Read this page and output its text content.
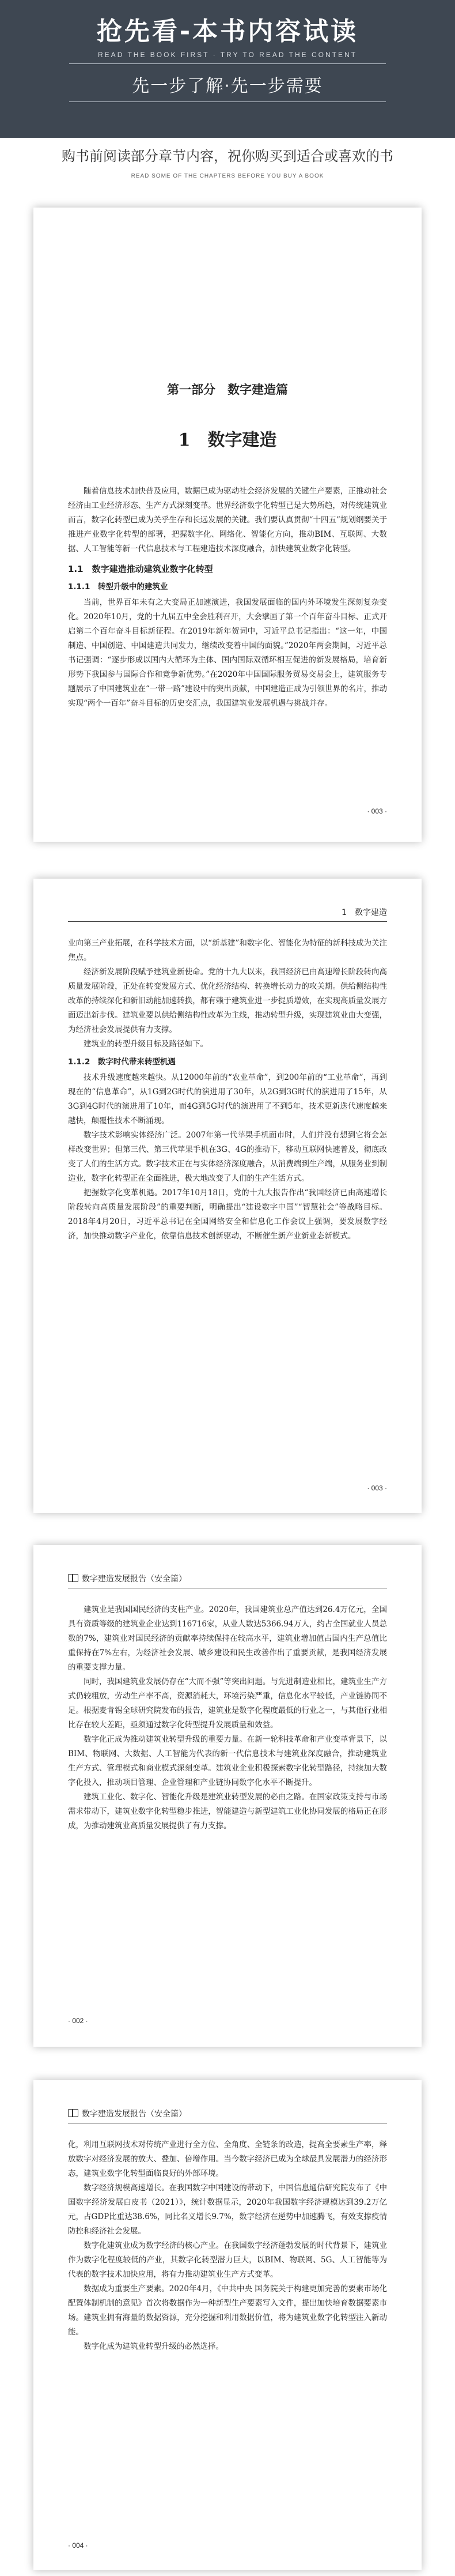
抢先看-本书内容试读
READ THE BOOK FIRST · TRY TO READ THE CONTENT
先一步了解·先一步需要
购书前阅读部分章节内容，祝你购买到适合或喜欢的书
READ SOME OF THE CHAPTERS BEFORE YOU BUY A BOOK
第一部分　数字建造篇
1　数字建造

随着信息技术加快普及应用，数据已成为驱动社会经济发展的关键生产要素，正推动社会经济由工业经济形态、生产方式深刻变革。世界经济数字化转型已是大势所趋，对传统建筑业而言，数字化转型已成为关乎生存和长远发展的关键。我们要认真贯彻“十四五”规划纲要关于推进产业数字化转型的部署，把握数字化、网络化、智能化方向，推动BIM、互联网、大数据、人工智能等新一代信息技术与工程建造技术深度融合，加快建筑业数字化转型。

1.1　数字建造推动建筑业数字化转型
1.1.1　转型升级中的建筑业

当前，世界百年未有之大变局正加速演进，我国发展面临的国内外环境发生深刻复杂变化。2020年10月，党的十九届五中全会胜利召开，大会擘画了第一个百年奋斗目标、正式开启第二个百年奋斗目标新征程。在2019年新年贺词中，习近平总书记指出：“这一年，中国制造、中国创造、中国建造共同发力，继续改变着中国的面貌。”2020年两会期间，习近平总书记强调：“逐步形成以国内大循环为主体、国内国际双循环相互促进的新发展格局，培育新形势下我国参与国际合作和竞争新优势。”在2020年中国国际服务贸易交易会上，建筑服务专题展示了中国建筑业在“一带一路”建设中的突出贡献，中国建造正成为引领世界的名片，推动实现“两个一百年”奋斗目标的历史交汇点，我国建筑业发展机遇与挑战并存。

· 003 ·
1　数字建造

业向第三产业拓展，在科学技术方面，以“新基建”和数字化、智能化为特征的新科技成为关注焦点。

经济新发展阶段赋予建筑业新使命。党的十九大以来，我国经济已由高速增长阶段转向高质量发展阶段，正处在转变发展方式、优化经济结构、转换增长动力的攻关期。供给侧结构性改革的持续深化和新旧动能加速转换，都有赖于建筑业进一步提质增效，在实现高质量发展方面迈出新步伐。建筑业要以供给侧结构性改革为主线，推动转型升级，实现建筑业由大变强，为经济社会发展提供有力支撑。

建筑业的转型升级目标及路径如下。

1.1.2　数字时代带来转型机遇

技术升级速度越来越快。从12000年前的“农业革命”，到200年前的“工业革命”，再到现在的“信息革命”，从1G到2G时代的演进用了30年，从2G到3G时代的演进用了15年，从3G到4G时代的演进用了10年，而4G到5G时代的演进用了不到5年，技术更新迭代速度越来越快，颠覆性技术不断涌现。

数字技术影响实体经济广泛。2007年第一代苹果手机面市时，人们并没有想到它将会怎样改变世界；但第三代、第三代苹果手机在3G、4G的推动下，移动互联网快速普及，彻底改变了人们的生活方式。数字技术正在与实体经济深度融合，从消费端到生产端，从服务业到制造业，数字化转型正在全面推进，极大地改变了人们的生产生活方式。

把握数字化变革机遇。2017年10月18日，党的十九大报告作出“我国经济已由高速增长阶段转向高质量发展阶段”的重要判断，明确提出“建设数字中国”“智慧社会”等战略目标。2018年4月20日，习近平总书记在全国网络安全和信息化工作会议上强调，要发展数字经济，加快推动数字产业化，依靠信息技术创新驱动，不断催生新产业新业态新模式。

· 003 ·
数字建造发展报告（安全篇）

建筑业是我国国民经济的支柱产业。2020年，我国建筑业总产值达到26.4万亿元，全国具有资质等级的建筑业企业达到116716家，从业人数达5366.94万人，约占全国就业人员总数的7%，建筑业对国民经济的贡献率持续保持在较高水平，建筑业增加值占国内生产总值比重保持在7%左右，为经济社会发展、城乡建设和民生改善作出了重要贡献，是我国经济发展的重要支撑力量。

同时，我国建筑业发展仍存在“大而不强”等突出问题。与先进制造业相比，建筑业生产方式仍较粗放，劳动生产率不高，资源消耗大，环境污染严重，信息化水平较低，产业链协同不足。根据麦肯锡全球研究院发布的报告，建筑业是数字化程度最低的行业之一，与其他行业相比存在较大差距，亟须通过数字化转型提升发展质量和效益。

数字化正成为推动建筑业转型升级的重要力量。在新一轮科技革命和产业变革背景下，以BIM、物联网、大数据、人工智能为代表的新一代信息技术与建筑业深度融合，推动建筑业生产方式、管理模式和商业模式深刻变革。建筑业企业积极探索数字化转型路径，持续加大数字化投入，推动项目管理、企业管理和产业链协同数字化水平不断提升。

建筑工业化、数字化、智能化升级是建筑业转型发展的必由之路。在国家政策支持与市场需求带动下，建筑业数字化转型稳步推进，智能建造与新型建筑工业化协同发展的格局正在形成，为推动建筑业高质量发展提供了有力支撑。

· 002 ·
数字建造发展报告（安全篇）

化，利用互联网技术对传统产业进行全方位、全角度、全链条的改造，提高全要素生产率，释放数字对经济发展的放大、叠加、倍增作用。当今数字经济已成为全球最具发展潜力的经济形态，建筑业数字化转型面临良好的外部环境。

数字经济规模高速增长。在我国数字中国建设的带动下，中国信息通信研究院发布了《中国数字经济发展白皮书（2021）》，统计数据显示，2020年我国数字经济规模达到39.2万亿元，占GDP比重达38.6%，同比名义增长9.7%，数字经济在逆势中加速腾飞，有效支撑疫情防控和经济社会发展。

数字化建筑业成为数字经济的核心产业。在我国数字经济蓬勃发展的时代背景下，建筑业作为数字化程度较低的产业，其数字化转型潜力巨大，以BIM、物联网、5G、人工智能等为代表的数字技术加快应用，将有力推动建筑业生产方式变革。

数据成为重要生产要素。2020年4月，《中共中央 国务院关于构建更加完善的要素市场化配置体制机制的意见》首次将数据作为一种新型生产要素写入文件，提出加快培育数据要素市场。建筑业拥有海量的数据资源，充分挖掘和利用数据价值，将为建筑业数字化转型注入新动能。

数字化成为建筑业转型升级的必然选择。

· 004 ·
